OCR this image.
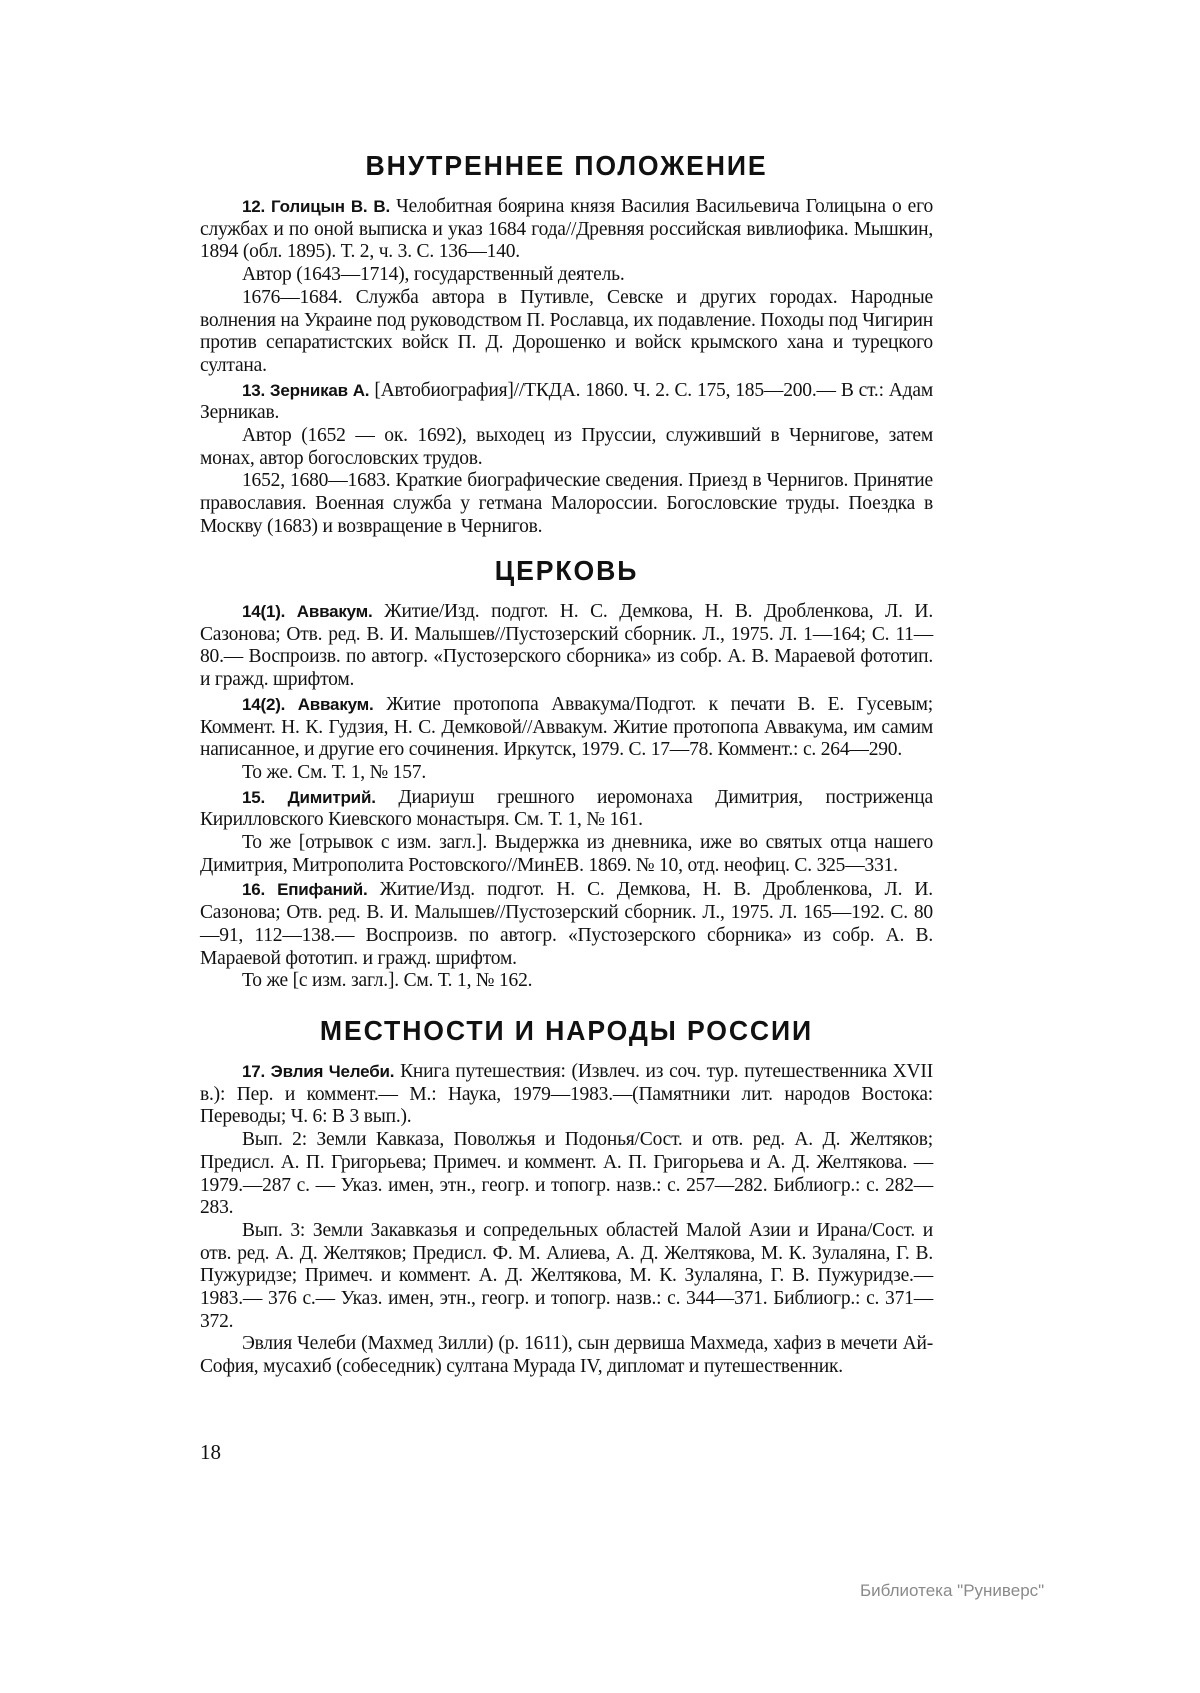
ВНУТРЕННЕЕ ПОЛОЖЕНИЕ

12. Голицын В. В. Челобитная боярина князя Василия Васильевича Голицына о его службах и по оной выписка и указ 1684 года//Древняя российская вивлиофика. Мышкин, 1894 (обл. 1895). Т. 2, ч. 3. С. 136—140.

Автор (1643—1714), государственный деятель.

1676—1684. Служба автора в Путивле, Севске и других городах. Народные волнения на Украине под руководством П. Рославца, их подавление. Походы под Чигирин против сепаратистских войск П. Д. Дорошенко и войск крымского хана и турецкого султана.

13. Зерникав А. [Автобиография]//ТКДА. 1860. Ч. 2. С. 175, 185—200.— В ст.: Адам Зерникав.

Автор (1652 — ок. 1692), выходец из Пруссии, служивший в Чернигове, затем монах, автор богословских трудов.

1652, 1680—1683. Краткие биографические сведения. Приезд в Чернигов. Принятие православия. Военная служба у гетмана Малороссии. Богословские труды. Поездка в Москву (1683) и возвращение в Чернигов.

ЦЕРКОВЬ

14(1). Аввакум. Житие/Изд. подгот. Н. С. Демкова, Н. В. Дробленкова, Л. И. Сазонова; Отв. ред. В. И. Малышев//Пустозерский сборник. Л., 1975. Л. 1—164; С. 11—80.— Воспроизв. по автогр. «Пустозерского сборника» из собр. А. В. Мараевой фототип. и гражд. шрифтом.

14(2). Аввакум. Житие протопопа Аввакума/Подгот. к печати В. Е. Гусевым; Коммент. Н. К. Гудзия, Н. С. Демковой//Аввакум. Житие протопопа Аввакума, им самим написанное, и другие его сочинения. Иркутск, 1979. С. 17—78. Коммент.: с. 264—290.

То же. См. Т. 1, № 157.

15. Димитрий. Диариуш грешного иеромонаха Димитрия, постриженца Кирилловского Киевского монастыря. См. Т. 1, № 161.

То же [отрывок с изм. загл.]. Выдержка из дневника, иже во святых отца нашего Димитрия, Митрополита Ростовского//МинЕВ. 1869. № 10, отд. неофиц. С. 325—331.

16. Епифаний. Житие/Изд. подгот. Н. С. Демкова, Н. В. Дробленкова, Л. И. Сазонова; Отв. ред. В. И. Малышев//Пустозерский сборник. Л., 1975. Л. 165—192. С. 80—91, 112—138.— Воспроизв. по автогр. «Пустозерского сборника» из собр. А. В. Мараевой фототип. и гражд. шрифтом.

То же [с изм. загл.]. См. Т. 1, № 162.

МЕСТНОСТИ И НАРОДЫ РОССИИ

17. Эвлия Челеби. Книга путешествия: (Извлеч. из соч. тур. путешественника XVII в.): Пер. и коммент.— М.: Наука, 1979—1983.—(Памятники лит. народов Востока: Переводы; Ч. 6: В 3 вып.).

Вып. 2: Земли Кавказа, Поволжья и Подонья/Сост. и отв. ред. А. Д. Желтяков; Предисл. А. П. Григорьева; Примеч. и коммент. А. П. Григорьева и А. Д. Желтякова. — 1979.—287 с. — Указ. имен, этн., геогр. и топогр. назв.: с. 257—282. Библиогр.: с. 282—283.

Вып. 3: Земли Закавказья и сопредельных областей Малой Азии и Ирана/Сост. и отв. ред. А. Д. Желтяков; Предисл. Ф. М. Алиева, А. Д. Желтякова, М. К. Зулаляна, Г. В. Пужуридзе; Примеч. и коммент. А. Д. Желтякова, М. К. Зулаляна, Г. В. Пужуридзе.— 1983.— 376 с.— Указ. имен, этн., геогр. и топогр. назв.: с. 344—371. Библиогр.: с. 371—372.

Эвлия Челеби (Махмед Зилли) (р. 1611), сын дервиша Махмеда, хафиз в мечети Ай-София, мусахиб (собеседник) султана Мурада IV, дипломат и путешественник.

18
Библиотека "Руниверс"
